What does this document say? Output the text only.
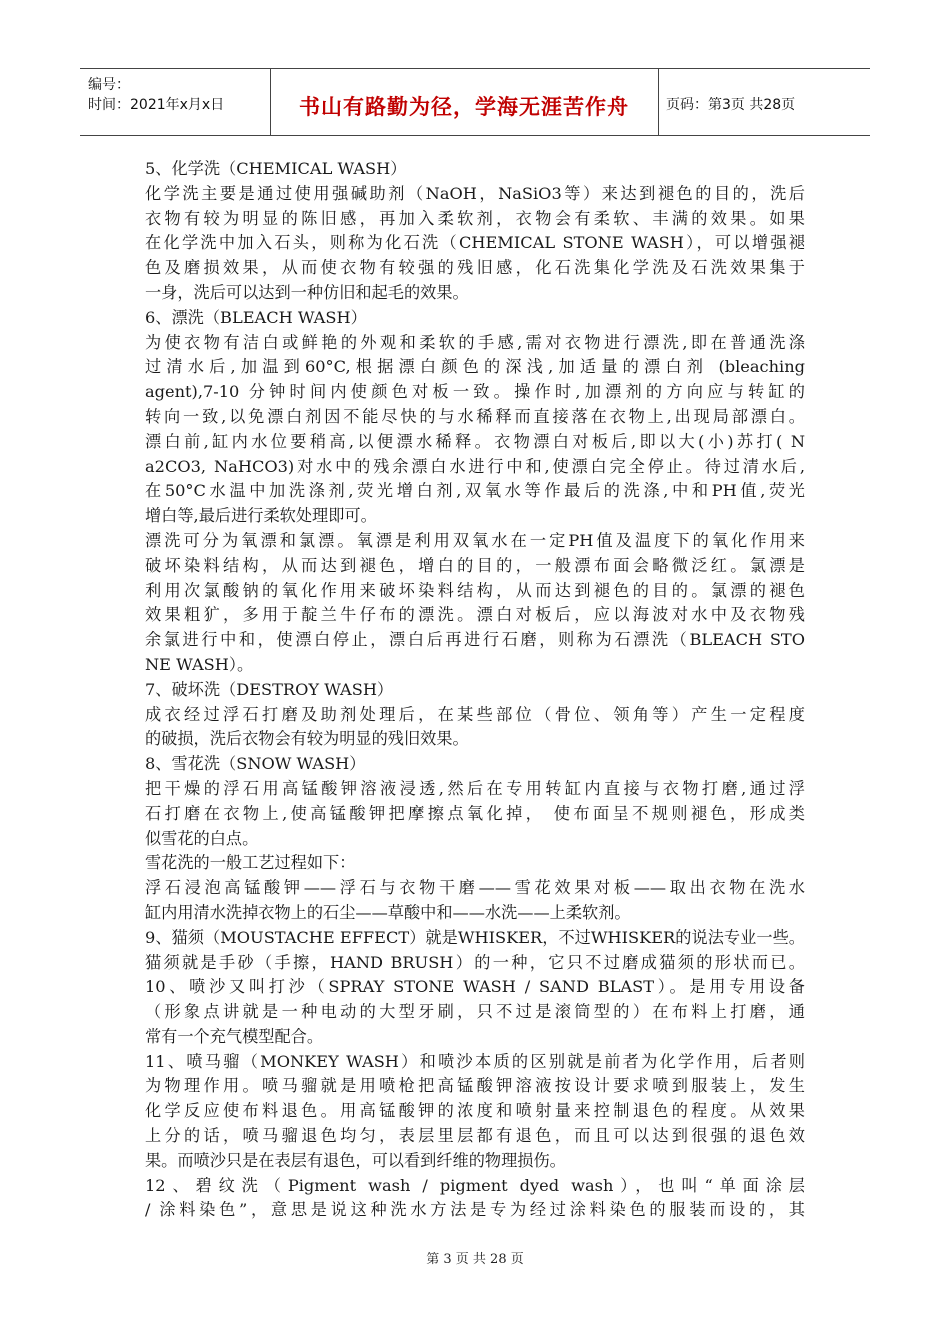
编号：
时间：2021年x月x日	书山有路勤为径，学海无涯苦作舟	页码：第3页 共28页
5、化学洗（CHEMICAL WASH）
化学洗主要是通过使用强碱助剂（NaOH，NaSiO3等）来达到褪色的目的，洗后
衣物有较为明显的陈旧感，再加入柔软剂，衣物会有柔软、丰满的效果。如果
在化学洗中加入石头，则称为化石洗（CHEMICAL STONE WASH），可以增强褪
色及磨损效果，从而使衣物有较强的残旧感，化石洗集化学洗及石洗效果集于
一身，洗后可以达到一种仿旧和起毛的效果。
6、漂洗（BLEACH WASH）
为使衣物有洁白或鲜艳的外观和柔软的手感,需对衣物进行漂洗,即在普通洗涤
过清水后,加温到60°C,根据漂白颜色的深浅,加适量的漂白剂 (bleaching
agent),7-10 分钟时间内使颜色对板一致。操作时,加漂剂的方向应与转缸的
转向一致,以免漂白剂因不能尽快的与水稀释而直接落在衣物上,出现局部漂白。
漂白前,缸内水位要稍高,以便漂水稀释。衣物漂白对板后,即以大(小)苏打( N
a2CO3, NaHCO3)对水中的残余漂白水进行中和,使漂白完全停止。待过清水后,
在50°C水温中加洗涤剂,荧光增白剂,双氧水等作最后的洗涤,中和PH值,荧光
增白等,最后进行柔软处理即可。
漂洗可分为氧漂和氯漂。氧漂是利用双氧水在一定PH值及温度下的氧化作用来
破坏染料结构，从而达到褪色，增白的目的，一般漂布面会略微泛红。氯漂是
利用次氯酸钠的氧化作用来破坏染料结构，从而达到褪色的目的。氯漂的褪色
效果粗犷，多用于靛兰牛仔布的漂洗。漂白对板后，应以海波对水中及衣物残
余氯进行中和，使漂白停止，漂白后再进行石磨，则称为石漂洗（BLEACH STO
NE WASH）。
7、破坏洗（DESTROY WASH）
成衣经过浮石打磨及助剂处理后，在某些部位（骨位、领角等）产生一定程度
的破损，洗后衣物会有较为明显的残旧效果。
8、雪花洗（SNOW WASH）
把干燥的浮石用高锰酸钾溶液浸透,然后在专用转缸内直接与衣物打磨,通过浮
石打磨在衣物上,使高锰酸钾把摩擦点氧化掉， 使布面呈不规则褪色，形成类
似雪花的白点。
雪花洗的一般工艺过程如下：
浮石浸泡高锰酸钾——浮石与衣物干磨——雪花效果对板——取出衣物在洗水
缸内用清水洗掉衣物上的石尘——草酸中和——水洗——上柔软剂。
9、猫须（MOUSTACHE EFFECT）就是WHISKER，不过WHISKER的说法专业一些。
猫须就是手砂（手擦，HAND BRUSH）的一种，它只不过磨成猫须的形状而已。
10、喷沙又叫打沙（SPRAY STONE WASH / SAND BLAST）。是用专用设备
（形象点讲就是一种电动的大型牙刷，只不过是滚筒型的）在布料上打磨，通
常有一个充气模型配合。
11、喷马骝（MONKEY WASH）和喷沙本质的区别就是前者为化学作用，后者则
为物理作用。喷马骝就是用喷枪把高锰酸钾溶液按设计要求喷到服装上，发生
化学反应使布料退色。用高锰酸钾的浓度和喷射量来控制退色的程度。从效果
上分的话，喷马骝退色均匀，表层里层都有退色，而且可以达到很强的退色效
果。而喷沙只是在表层有退色，可以看到纤维的物理损伤。
12、碧纹洗（Pigment wash / pigment dyed wash），也叫“单面涂层
/ 涂料染色”，意思是说这种洗水方法是专为经过涂料染色的服装而设的，其
第 3 页 共 28 页
